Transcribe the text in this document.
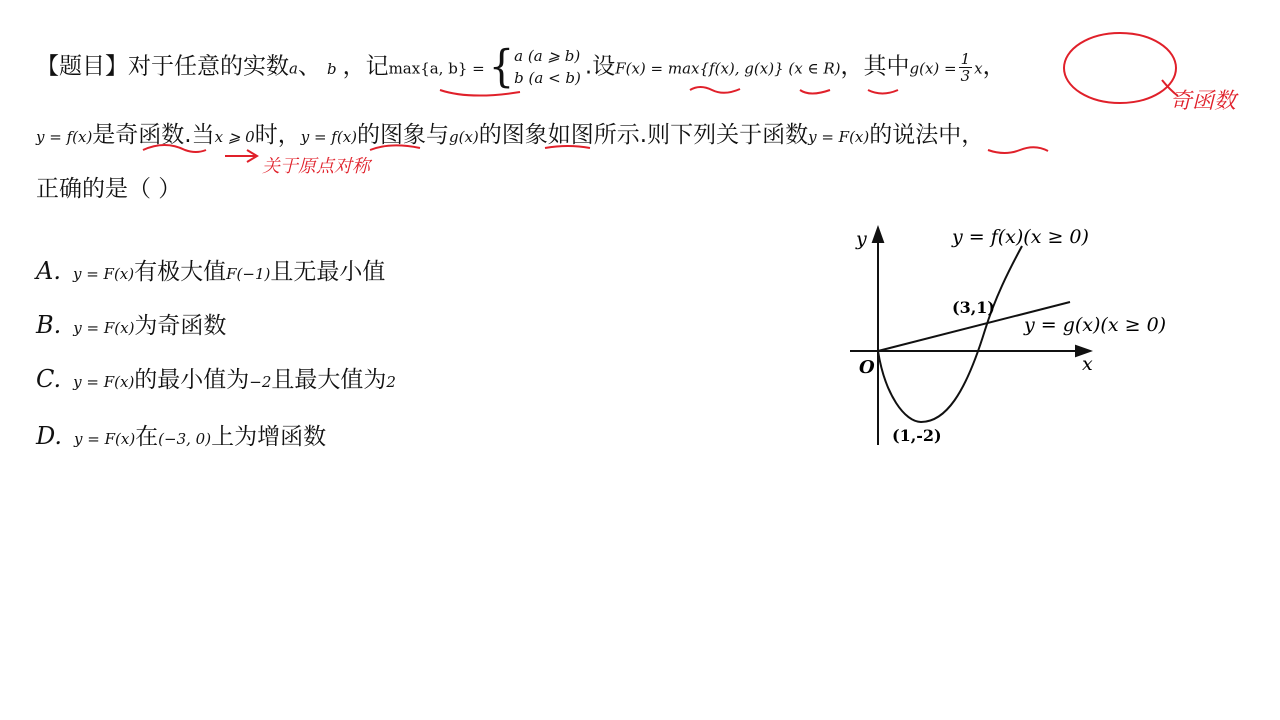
【题目】对于任意的实数a、 b ，记max{a, b} = { a (a ⩾ b)
b (a < b) .设F(x) = max{f(x), g(x)} (x ∈ R)，其中$g(x) = \frac{1}{3}$ x，
y = f(x)是奇函数.当x ⩾ 0时，y = f(x)的图象与g(x)的图象如图所示.则下列关于函数y = F(x)的说法中，
正确的是（ ）
A. y = F(x)有极大值F(−1)且无最小值
B. y = F(x)为奇函数
C. y = F(x)的最小值为−2且最大值为2
D. y = F(x)在(−3, 0)上为增函数
y
x
O
y = f(x)(x ≥ 0)
y = g(x)(x ≥ 0)
(3,1)
(1,-2)
奇函数
关于原点对称
